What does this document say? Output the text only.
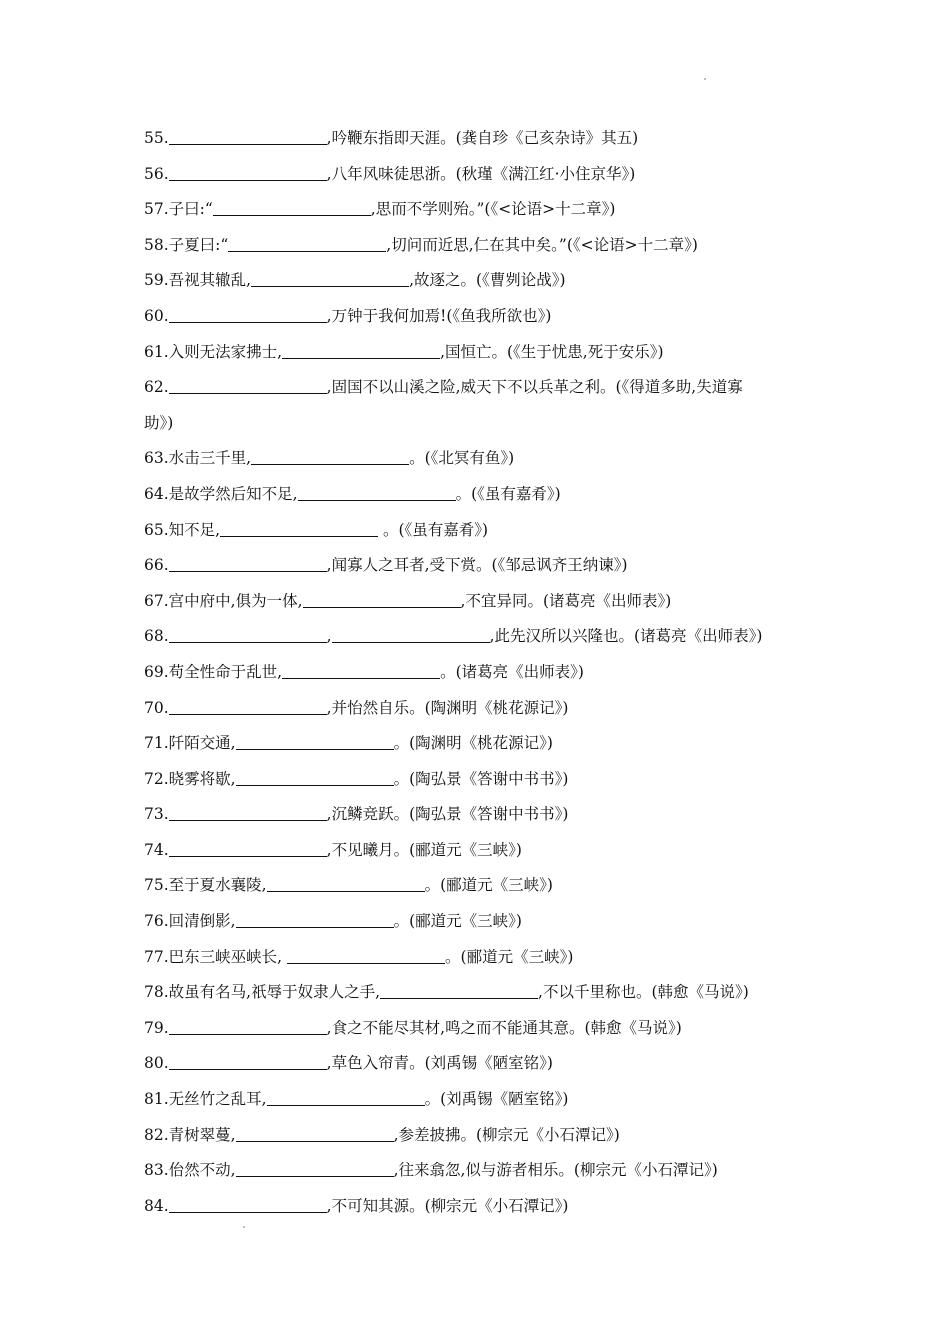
55.	,吟鞭东指即天涯。(龚自珍《己亥杂诗》其五)
56.	,八年风味徒思浙。(秋瑾《满江红·小住京华》)
57.子曰:“	,思而不学则殆。”(《<论语>十二章》)
58.子夏曰:“	,切问而近思,仁在其中矣。”(《<论语>十二章》)
59.吾视其辙乱,	,故逐之。(《曹刿论战》)
60.	,万钟于我何加焉!(《鱼我所欲也》)
61.入则无法家拂士,	,国恒亡。(《生于忧患,死于安乐》)
62.	,固国不以山溪之险,威天下不以兵革之利。(《得道多助,失道寡
助》)
63.水击三千里,	。(《北冥有鱼》)
64.是故学然后知不足,	。(《虽有嘉肴》)
65.知不足,	。(《虽有嘉肴》)
66.	,闻寡人之耳者,受下赏。(《邹忌讽齐王纳谏》)
67.宫中府中,俱为一体,	,不宜异同。(诸葛亮《出师表》)
68.	,	,此先汉所以兴隆也。(诸葛亮《出师表》)
69.苟全性命于乱世,	。(诸葛亮《出师表》)
70.	,并怡然自乐。(陶渊明《桃花源记》)
71.阡陌交通,	。(陶渊明《桃花源记》)
72.晓雾将歇,	。(陶弘景《答谢中书书》)
73.	,沉鳞竞跃。(陶弘景《答谢中书书》)
74.	,不见曦月。(郦道元《三峡》)
75.至于夏水襄陵,	。(郦道元《三峡》)
76.回清倒影,	。(郦道元《三峡》)
77.巴东三峡巫峡长,	。(郦道元《三峡》)
78.故虽有名马,祇辱于奴隶人之手,	,不以千里称也。(韩愈《马说》)
79.	,食之不能尽其材,鸣之而不能通其意。(韩愈《马说》)
80.	,草色入帘青。(刘禹锡《陋室铭》)
81.无丝竹之乱耳,	。(刘禹锡《陋室铭》)
82.青树翠蔓,	,参差披拂。(柳宗元《小石潭记》)
83.佁然不动,	,往来翕忽,似与游者相乐。(柳宗元《小石潭记》)
84.	,不可知其源。(柳宗元《小石潭记》)
